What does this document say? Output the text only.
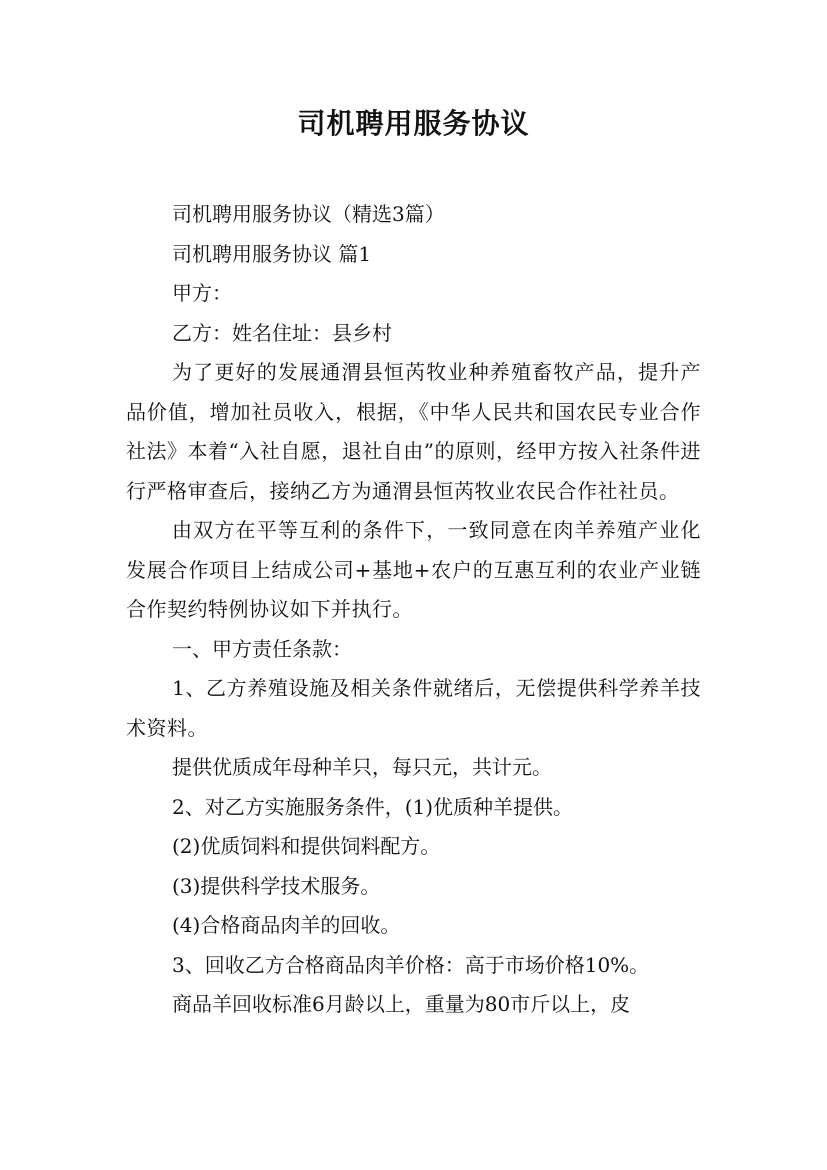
司机聘用服务协议

司机聘用服务协议（精选3篇）

司机聘用服务协议 篇1

甲方：

乙方：姓名住址：县乡村

为了更好的发展通渭县恒芮牧业种养殖畜牧产品，提升产品价值，增加社员收入，根据，《中华人民共和国农民专业合作社法》本着“入社自愿，退社自由”的原则，经甲方按入社条件进行严格审查后，接纳乙方为通渭县恒芮牧业农民合作社社员。

由双方在平等互利的条件下，一致同意在肉羊养殖产业化发展合作项目上结成公司+基地+农户的互惠互利的农业产业链合作契约特例协议如下并执行。

一、甲方责任条款：

1、乙方养殖设施及相关条件就绪后，无偿提供科学养羊技术资料。

提供优质成年母种羊只，每只元，共计元。

2、对乙方实施服务条件，(1)优质种羊提供。

(2)优质饲料和提供饲料配方。

(3)提供科学技术服务。

(4)合格商品肉羊的回收。

3、回收乙方合格商品肉羊价格：高于市场价格10%。

商品羊回收标准6月龄以上，重量为80市斤以上，皮
